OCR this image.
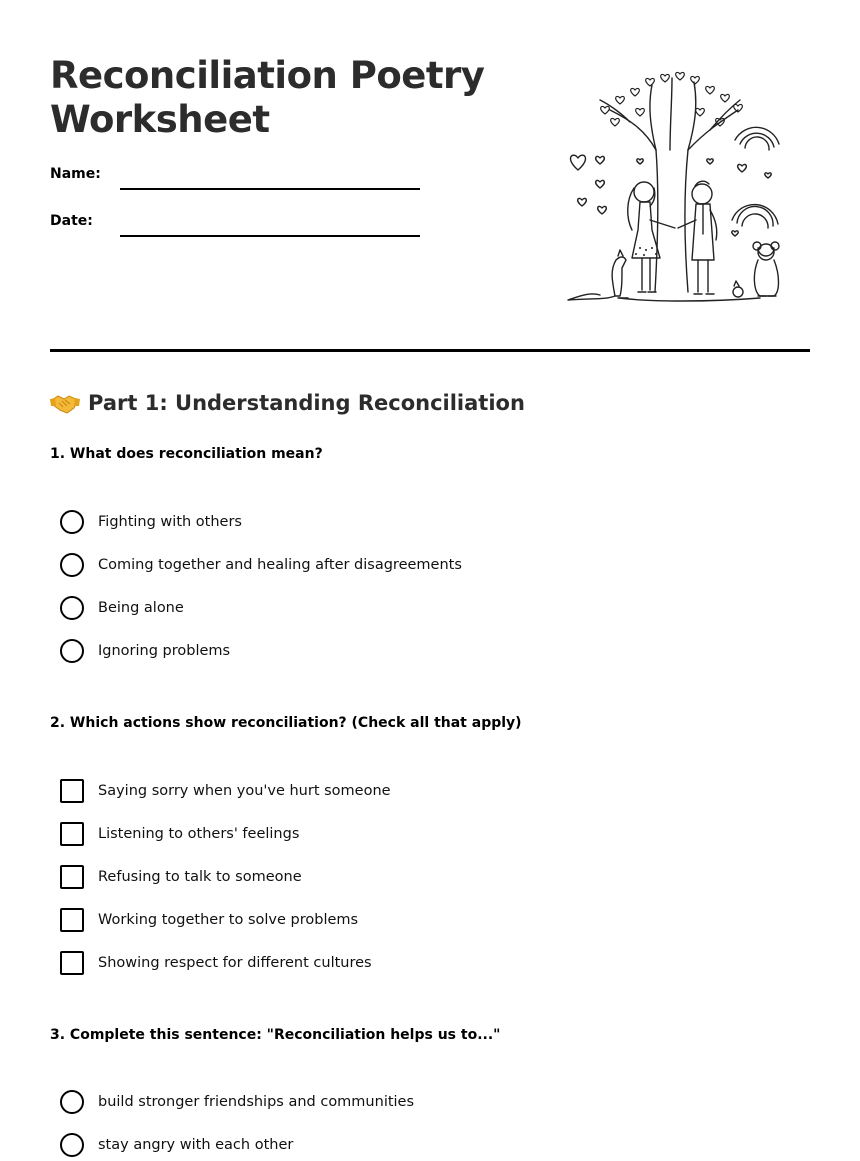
Reconciliation Poetry Worksheet
Name:
Date:
Part 1: Understanding Reconciliation
1. What does reconciliation mean?
Fighting with others
Coming together and healing after disagreements
Being alone
Ignoring problems
2. Which actions show reconciliation? (Check all that apply)
Saying sorry when you've hurt someone
Listening to others' feelings
Refusing to talk to someone
Working together to solve problems
Showing respect for different cultures
3. Complete this sentence: "Reconciliation helps us to..."
build stronger friendships and communities
stay angry with each other
